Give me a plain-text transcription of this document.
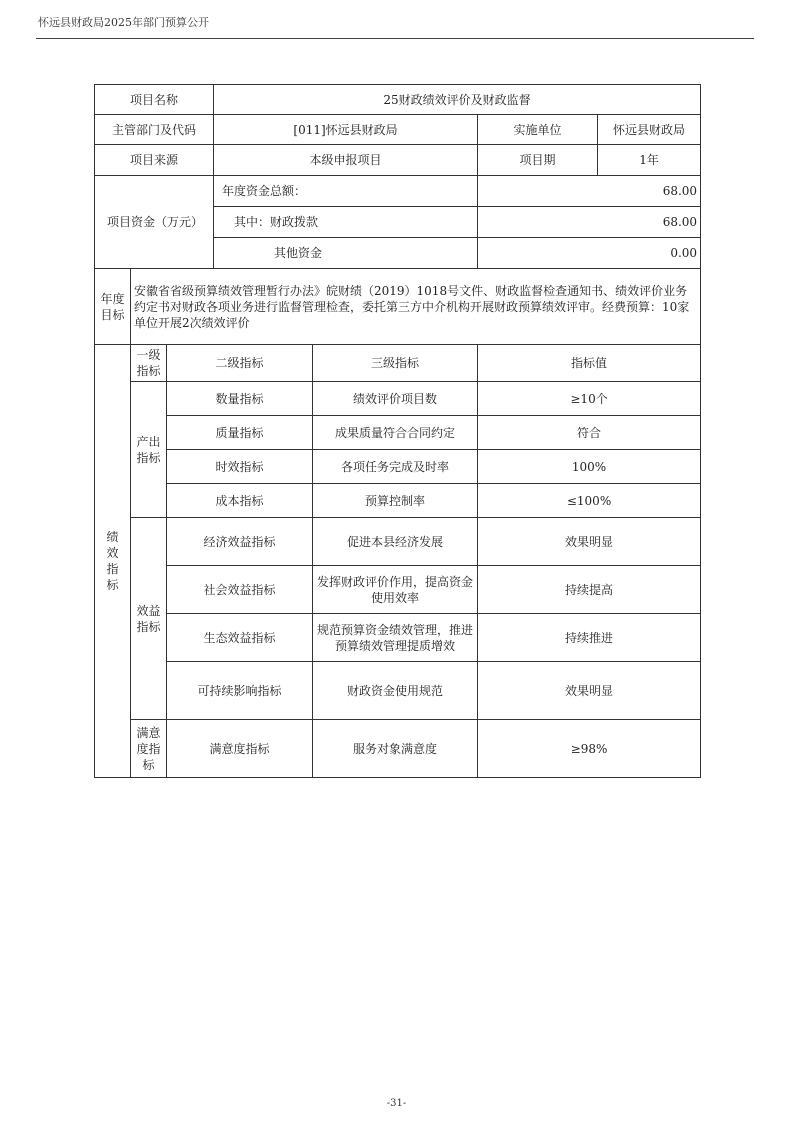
怀远县财政局2025年部门预算公开
项目名称			25财政绩效评价及财政监督			
主管部门及代码			[011]怀远县财政局		实施单位	怀远县财政局
项目来源			本级申报项目		项目期	1年
项目资金（万元）			年度资金总额：		68.00	
			其中：财政拨款		68.00	
			其他资金		0.00	
年度目标	安徽省省级预算绩效管理暂行办法》皖财绩（2019）1018号文件、财政监督检查通知书、绩效评价业务约定书对财政各项业务进行监督管理检查，委托第三方中介机构开展财政预算绩效评审。经费预算：10家单位开展2次绩效评价					
绩效指标	一级指标	二级指标		三级指标	指标值	
	产出指标	数量指标		绩效评价项目数	≥10个	
		质量指标		成果质量符合合同约定	符合	
		时效指标		各项任务完成及时率	100%	
		成本指标		预算控制率	≤100%	
	效益指标	经济效益指标		促进本县经济发展	效果明显	
		社会效益指标		发挥财政评价作用，提高资金使用效率	持续提高	
		生态效益指标		规范预算资金绩效管理，推进预算绩效管理提质增效	持续推进	
		可持续影响指标		财政资金使用规范	效果明显	
	满意度指标	满意度指标		服务对象满意度	≥98%	
-31-
